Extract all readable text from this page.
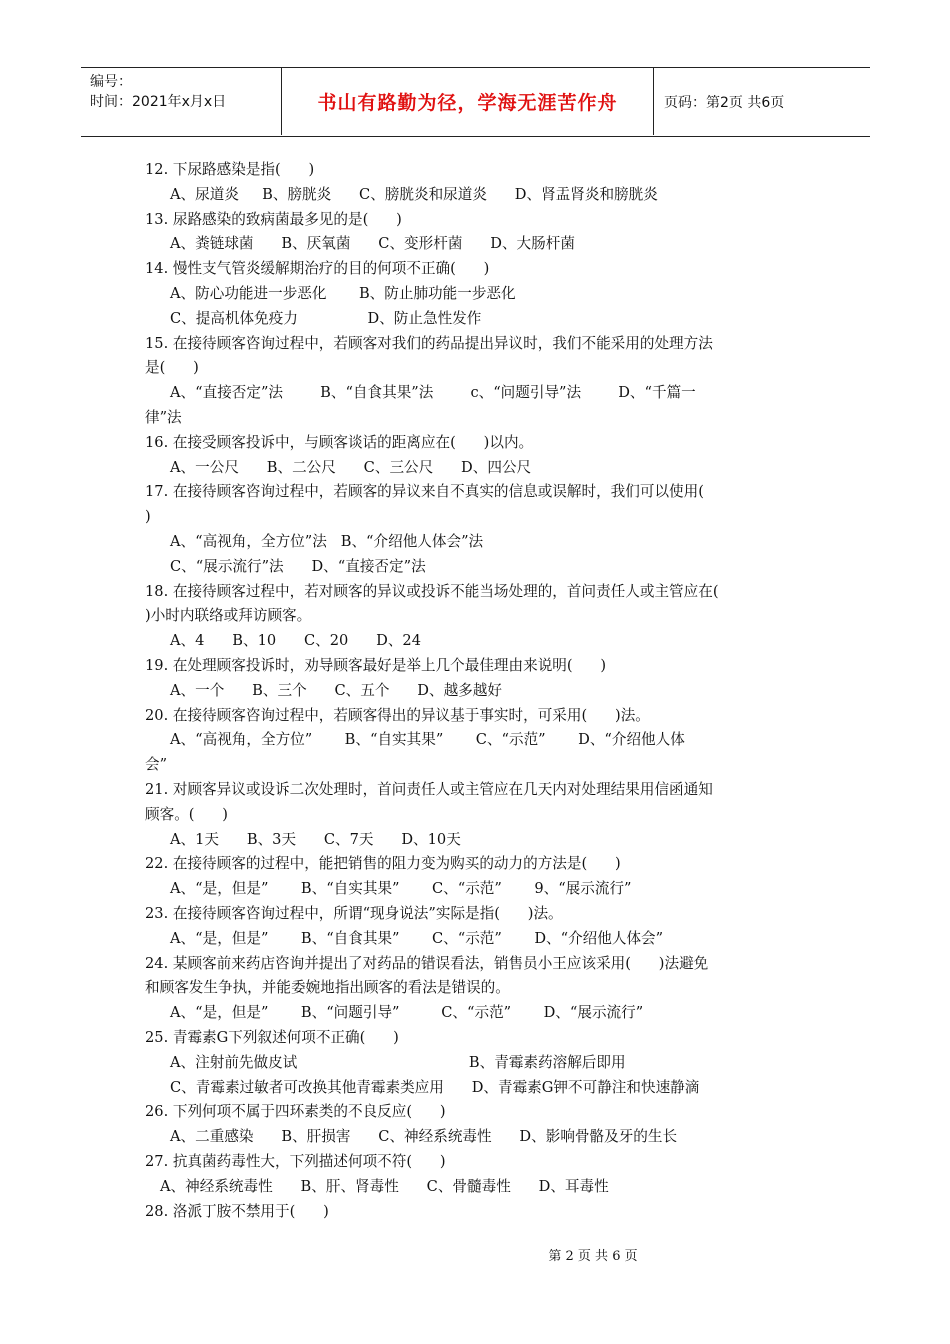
编号：
时间：2021年x月x日	书山有路勤为径，学海无涯苦作舟	页码：第2页 共6页
12. 下尿路感染是指(      )
A、尿道炎     B、膀胱炎      C、膀胱炎和尿道炎      D、肾盂肾炎和膀胱炎
13. 尿路感染的致病菌最多见的是(      )
A、粪链球菌      B、厌氧菌      C、变形杆菌      D、大肠杆菌
14. 慢性支气管炎缓解期治疗的目的何项不正确(      )
A、防心功能进一步恶化       B、防止肺功能一步恶化
C、提高机体免疫力               D、防止急性发作
15. 在接待顾客咨询过程中，若顾客对我们的药品提出异议时，我们不能采用的处理方法
是(      )
A、“直接否定”法        B、“自食其果”法        c、“问题引导”法        D、“千篇一
律”法
16. 在接受顾客投诉中，与顾客谈话的距离应在(      )以内。
A、一公尺      B、二公尺      C、三公尺      D、四公尺
17. 在接待顾客咨询过程中，若顾客的异议来自不真实的信息或误解时，我们可以使用(
)
A、“高视角，全方位”法   B、“介绍他人体会”法
C、“展示流行”法      D、“直接否定”法
18. 在接待顾客过程中，若对顾客的异议或投诉不能当场处理的，首问责任人或主管应在(
)小时内联络或拜访顾客。
A、4      B、10      C、20      D、24
19. 在处理顾客投诉时，劝导顾客最好是举上几个最佳理由来说明(      )
A、一个      B、三个      C、五个      D、越多越好
20. 在接待顾客咨询过程中，若顾客得出的异议基于事实时，可采用(      )法。
A、“高视角，全方位”       B、“自实其果”       C、“示范”       D、“介绍他人体
会”
21. 对顾客异议或设诉二次处理时，首问责任人或主管应在几天内对处理结果用信函通知
顾客。(      )
A、1天      B、3天      C、7天      D、10天
22. 在接待顾客的过程中，能把销售的阻力变为购买的动力的方法是(      )
A、“是，但是”       B、“自实其果”       C、“示范”       9、“展示流行”
23. 在接待顾客咨询过程中，所谓“现身说法”实际是指(      )法。
A、“是，但是”       B、“自食其果”       C、“示范”       D、“介绍他人体会”
24. 某顾客前来药店咨询并提出了对药品的错误看法，销售员小王应该采用(      )法避免
和顾客发生争执，并能委婉地指出顾客的看法是错误的。
A、“是，但是”       B、“问题引导”         C、“示范”       D、“展示流行”
25. 青霉素G下列叙述何项不正确(      )
A、注射前先做皮试                                     B、青霉素药溶解后即用
C、青霉素过敏者可改换其他青霉素类应用      D、青霉素G钾不可静注和快速静滴
26. 下列何项不属于四环素类的不良反应(      )
A、二重感染      B、肝损害      C、神经系统毒性      D、影响骨骼及牙的生长
27. 抗真菌药毒性大，下列描述何项不符(      )
A、神经系统毒性      B、肝、肾毒性      C、骨髓毒性      D、耳毒性
28. 洛派丁胺不禁用于(      )
第 2 页 共 6 页
